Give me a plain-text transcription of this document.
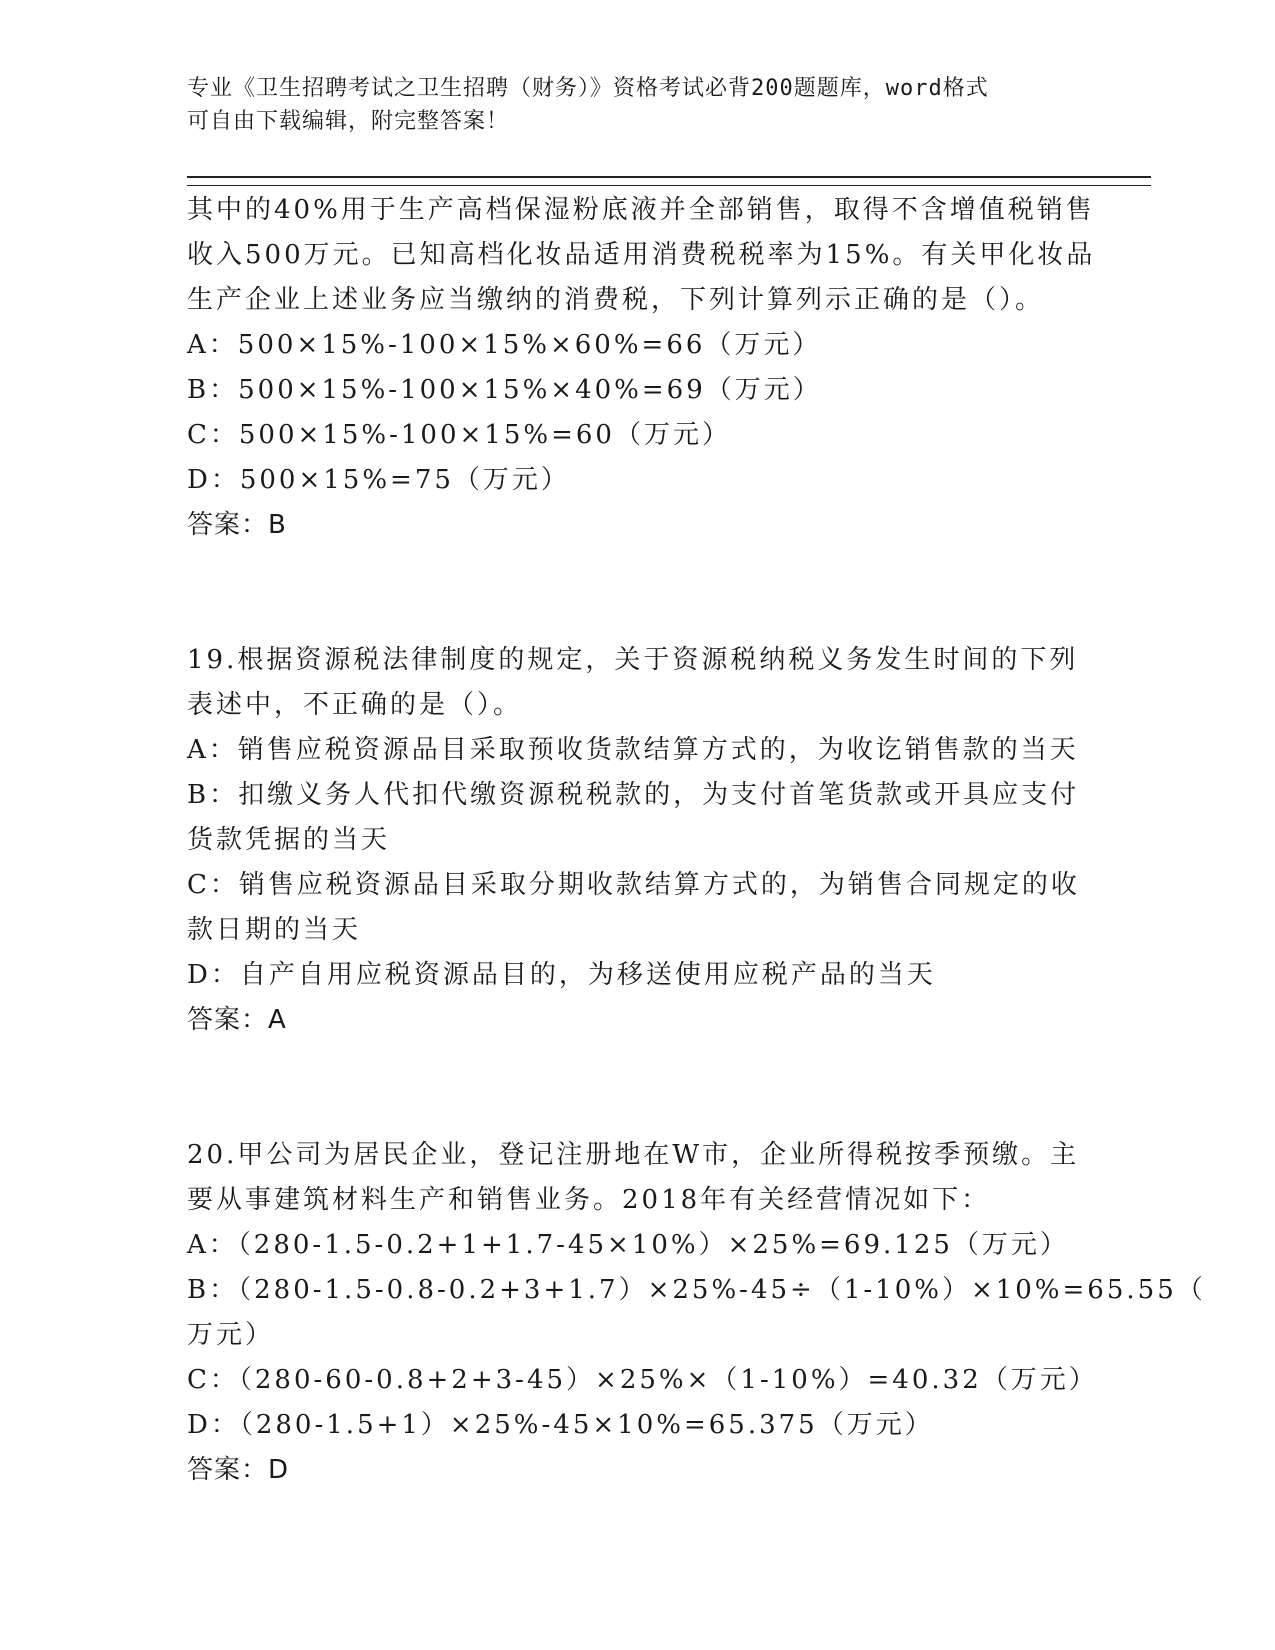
专业《卫生招聘考试之卫生招聘（财务）》资格考试必背200题题库，word格式
可自由下载编辑，附完整答案！
其中的40%用于生产高档保湿粉底液并全部销售，取得不含增值税销售
收入500万元。已知高档化妆品适用消费税税率为15%。有关甲化妆品
生产企业上述业务应当缴纳的消费税，下列计算列示正确的是（）。
A：500×15%-100×15%×60%=66（万元）
B：500×15%-100×15%×40%=69（万元）
C：500×15%-100×15%=60（万元）
D：500×15%=75（万元）
答案：B
19.根据资源税法律制度的规定，关于资源税纳税义务发生时间的下列
表述中，不正确的是（）。
A：销售应税资源品目采取预收货款结算方式的，为收讫销售款的当天
B：扣缴义务人代扣代缴资源税税款的，为支付首笔货款或开具应支付
货款凭据的当天
C：销售应税资源品目采取分期收款结算方式的，为销售合同规定的收
款日期的当天
D：自产自用应税资源品目的，为移送使用应税产品的当天
答案：A
20.甲公司为居民企业，登记注册地在W市，企业所得税按季预缴。主
要从事建筑材料生产和销售业务。2018年有关经营情况如下：
A：（280-1.5-0.2+1+1.7-45×10%）×25%=69.125（万元）
B：（280-1.5-0.8-0.2+3+1.7）×25%-45÷（1-10%）×10%=65.55（
万元）
C：（280-60-0.8+2+3-45）×25%×（1-10%）=40.32（万元）
D：（280-1.5+1）×25%-45×10%=65.375（万元）
答案：D
